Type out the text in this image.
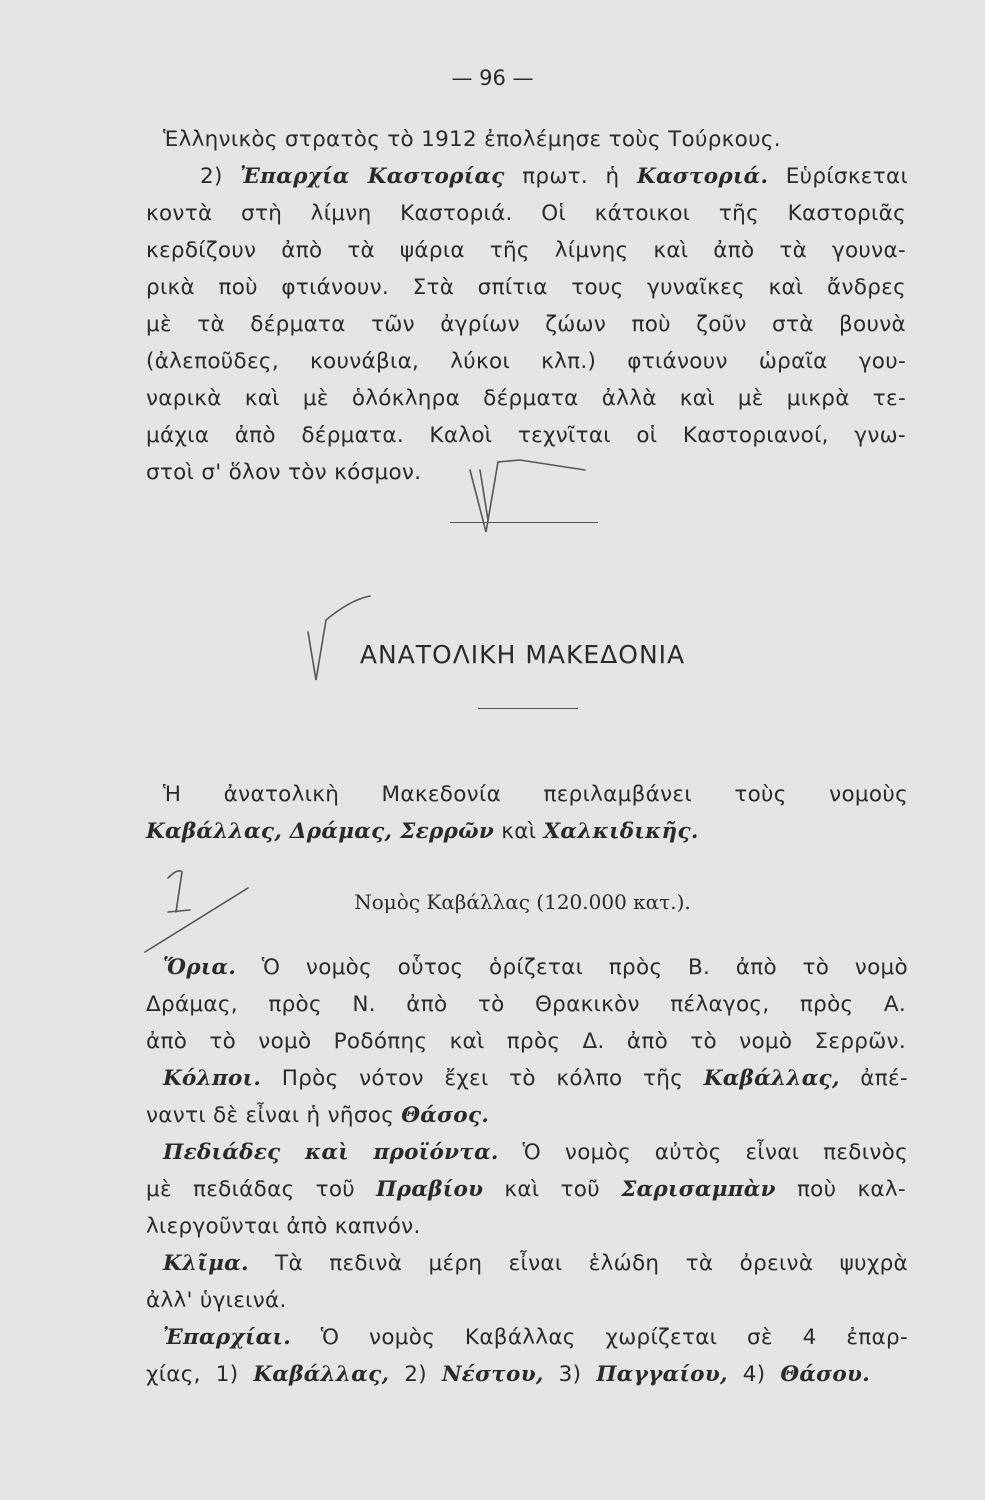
— 96 —
Ἑλληνικὸς στρατὸς τὸ 1912 ἐπολέμησε τοὺς Τούρκους.
2) Ἐπαρχία Καστορίας πρωτ. ἡ Καστοριά. Εὑρίσκεται
κοντὰ στὴ λίμνη Καστοριά. Οἱ κάτοικοι τῆς Καστοριᾶς
κερδίζουν ἀπὸ τὰ ψάρια τῆς λίμνης καὶ ἀπὸ τὰ γουνα-
ρικὰ ποὺ φτιάνουν. Στὰ σπίτια τους γυναῖκες καὶ ἄνδρες
μὲ τὰ δέρματα τῶν ἀγρίων ζώων ποὺ ζοῦν στὰ βουνὰ
(ἀλεποῦδες, κουνάβια, λύκοι κλπ.) φτιάνουν ὡραῖα γου-
ναρικὰ καὶ μὲ ὁλόκληρα δέρματα ἀλλὰ καὶ μὲ μικρὰ τε-
μάχια ἀπὸ δέρματα. Καλοὶ τεχνῖται οἱ Καστοριανοί, γνω-
στοὶ σ' ὅλον τὸν κόσμον.
ΑΝΑΤΟΛΙΚΗ ΜΑΚΕΔΟΝΙΑ
Ἡ ἀνατολικὴ Μακεδονία περιλαμβάνει τοὺς νομοὺς
Καβάλλας, Δράμας, Σερρῶν καὶ Χαλκιδικῆς.
Νομὸς Καβάλλας (120.000 κατ.).
Ὅρια. Ὁ νομὸς οὗτος ὁρίζεται πρὸς Β. ἀπὸ τὸ νομὸ
Δράμας, πρὸς Ν. ἀπὸ τὸ Θρακικὸν πέλαγος, πρὸς Α.
ἀπὸ τὸ νομὸ Ροδόπης καὶ πρὸς Δ. ἀπὸ τὸ νομὸ Σερρῶν.
Κόλποι. Πρὸς νότον ἔχει τὸ κόλπο τῆς Καβάλλας, ἀπέ-
ναντι δὲ εἶναι ἡ νῆσος Θάσος.
Πεδιάδες καὶ προϊόντα. Ὁ νομὸς αὐτὸς εἶναι πεδινὸς
μὲ πεδιάδας τοῦ Πραβίου καὶ τοῦ Σαρισαμπὰν ποὺ καλ-
λιεργοῦνται ἀπὸ καπνόν.
Κλῖμα. Τὰ πεδινὰ μέρη εἶναι ἑλώδη τὰ ὀρεινὰ ψυχρὰ
ἀλλ' ὑγιεινά.
Ἐπαρχίαι. Ὁ νομὸς Καβάλλας χωρίζεται σὲ 4 ἐπαρ-
χίας, 1) Καβάλλας, 2) Νέστου, 3) Παγγαίου, 4) Θάσου.
